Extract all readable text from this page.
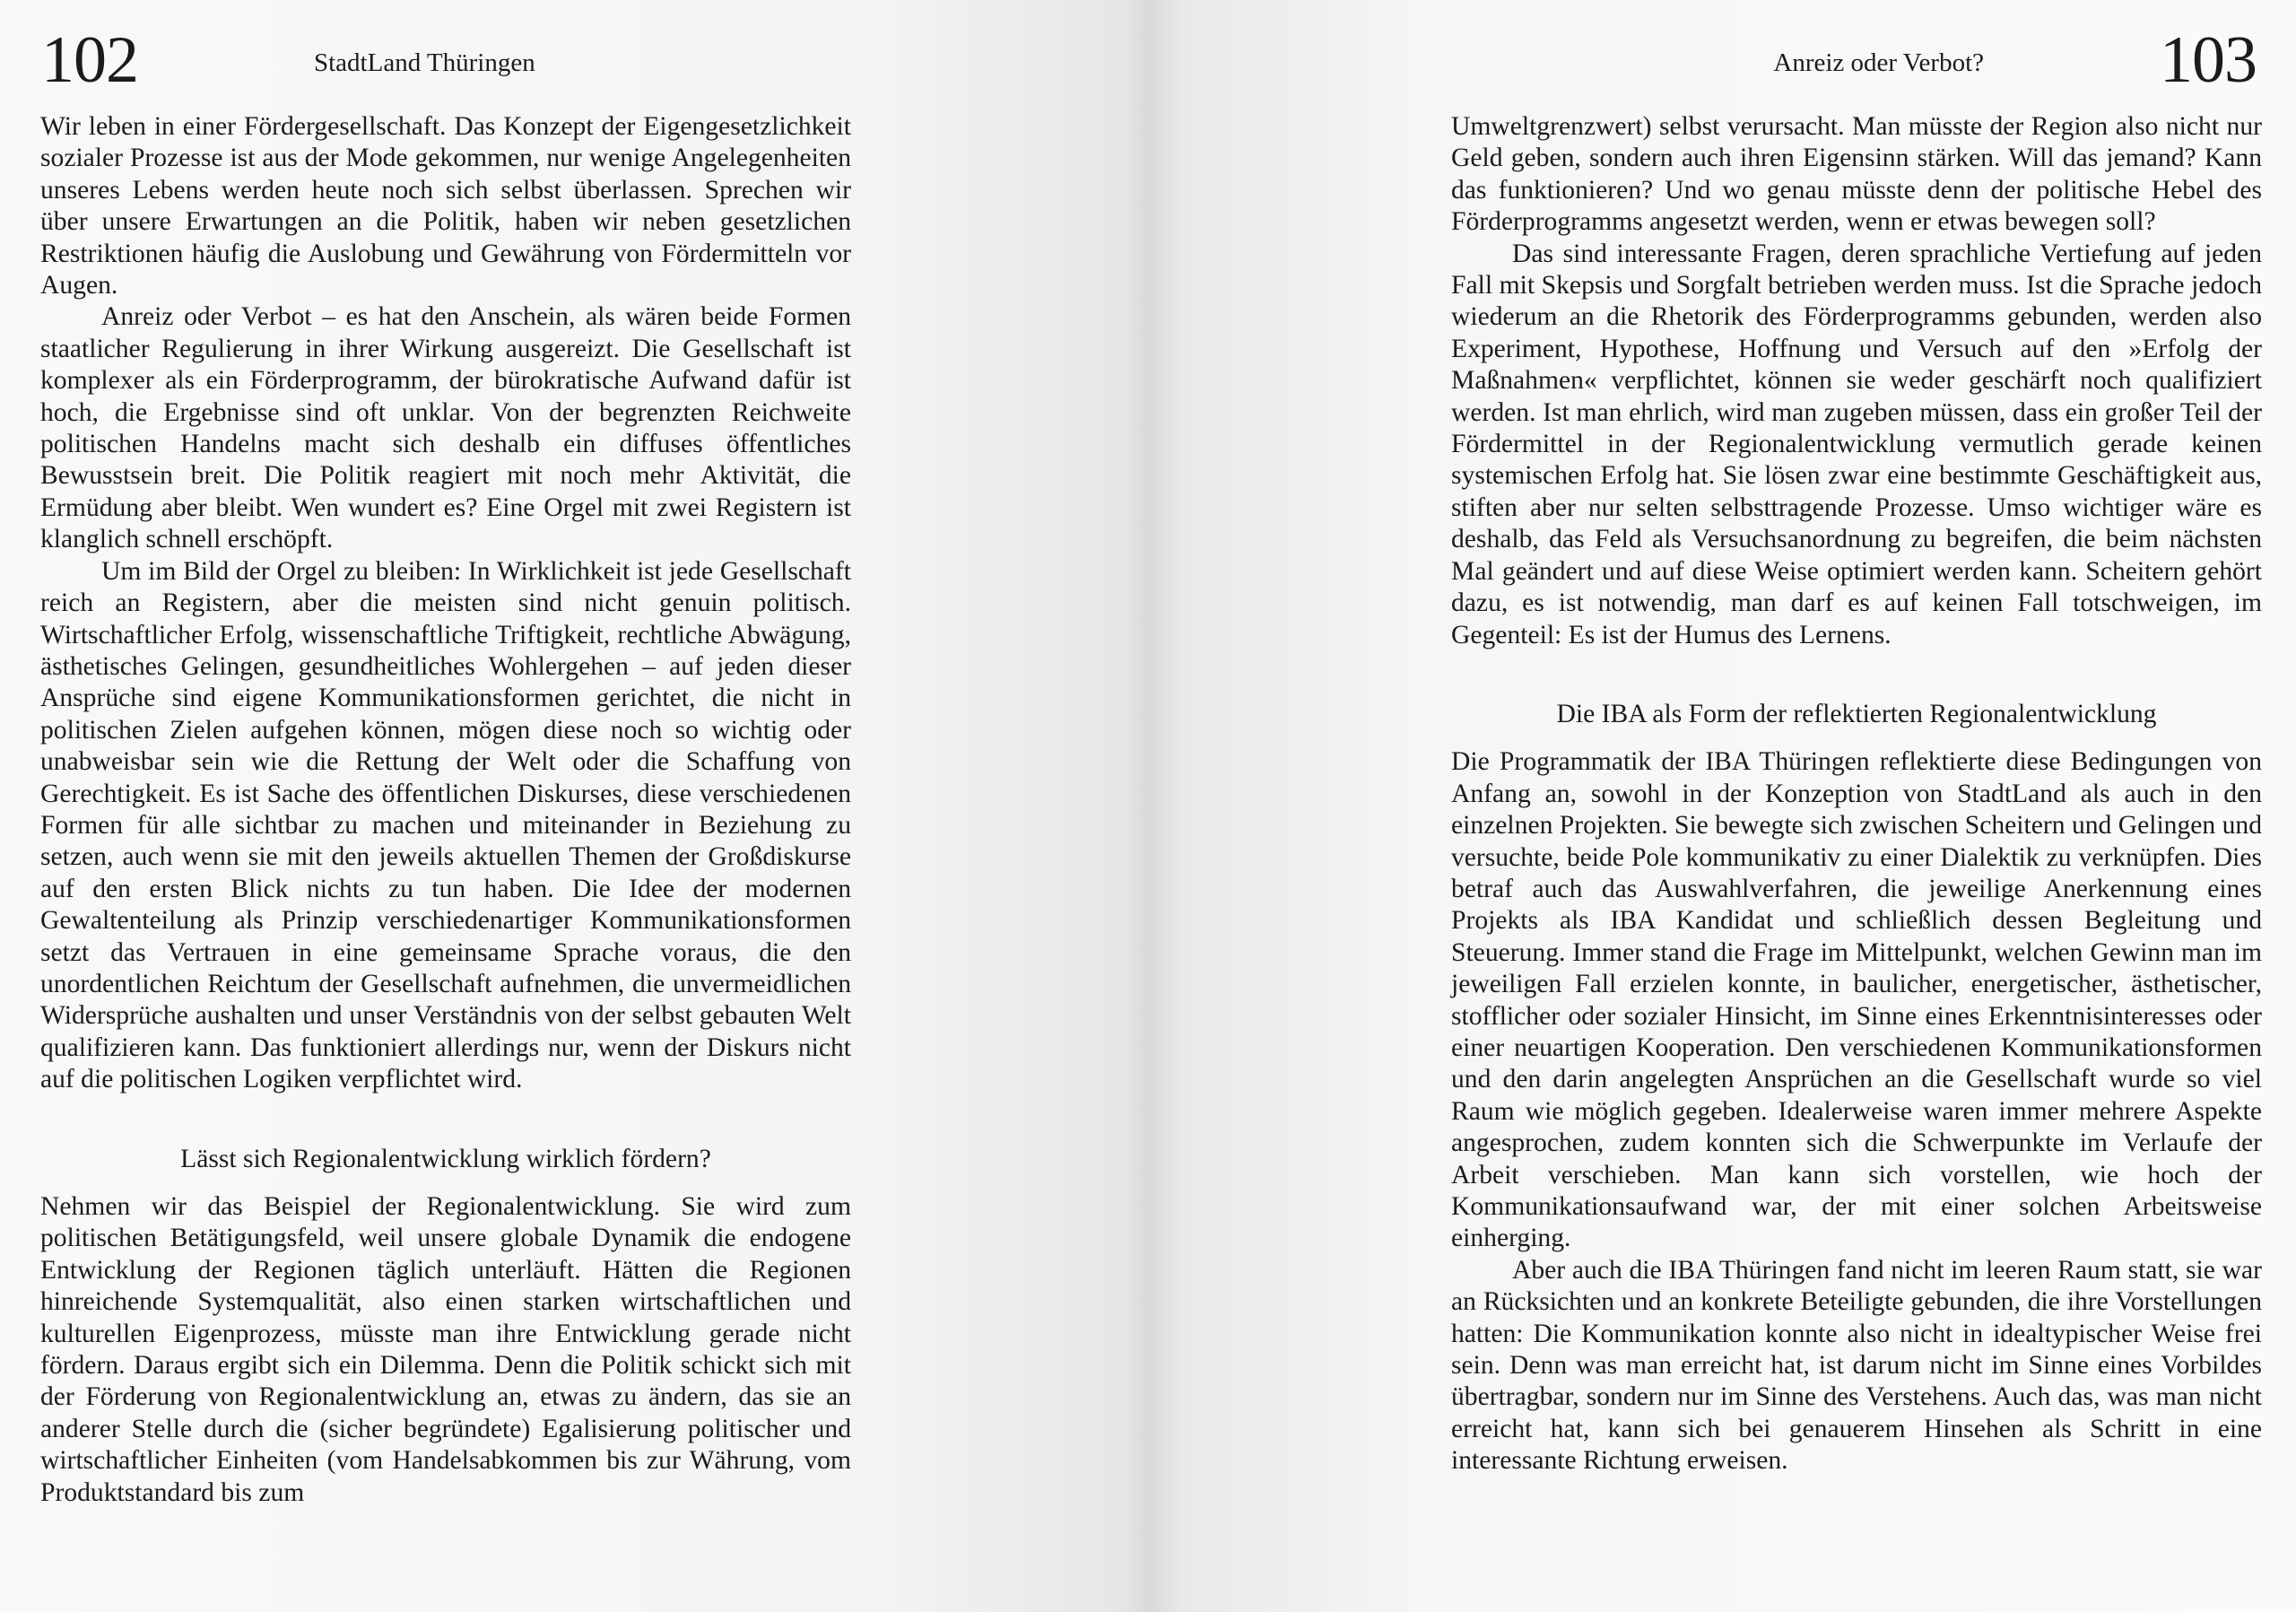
102	StadtLand Thüringen

Wir leben in einer Fördergesellschaft. Das Konzept der Eigengesetzlichkeit sozialer Prozesse ist aus der Mode gekommen, nur wenige Angelegenheiten unseres Lebens werden heute noch sich selbst überlassen. Sprechen wir über unsere Erwartungen an die Politik, haben wir neben gesetzlichen Restriktionen häufig die Auslobung und Gewährung von Fördermitteln vor Augen.

Anreiz oder Verbot – es hat den Anschein, als wären beide Formen staatlicher Regulierung in ihrer Wirkung ausgereizt. Die Gesellschaft ist komplexer als ein Förderprogramm, der bürokratische Aufwand dafür ist hoch, die Ergebnisse sind oft unklar. Von der begrenzten Reichweite politischen Handelns macht sich deshalb ein diffuses öffentliches Bewusstsein breit. Die Politik reagiert mit noch mehr Aktivität, die Ermüdung aber bleibt. Wen wundert es? Eine Orgel mit zwei Registern ist klanglich schnell erschöpft.

Um im Bild der Orgel zu bleiben: In Wirklichkeit ist jede Gesellschaft reich an Registern, aber die meisten sind nicht genuin politisch. Wirtschaftlicher Erfolg, wissenschaftliche Triftigkeit, rechtliche Abwägung, ästhetisches Gelingen, gesundheitliches Wohlergehen – auf jeden dieser Ansprüche sind eigene Kommunikationsformen gerichtet, die nicht in politischen Zielen aufgehen können, mögen diese noch so wichtig oder unabweisbar sein wie die Rettung der Welt oder die Schaffung von Gerechtigkeit. Es ist Sache des öffentlichen Diskurses, diese verschiedenen Formen für alle sichtbar zu machen und miteinander in Beziehung zu setzen, auch wenn sie mit den jeweils aktuellen Themen der Großdiskurse auf den ersten Blick nichts zu tun haben. Die Idee der modernen Gewaltenteilung als Prinzip verschiedenartiger Kommunikationsformen setzt das Vertrauen in eine gemeinsame Sprache voraus, die den unordentlichen Reichtum der Gesellschaft aufnehmen, die unvermeidlichen Widersprüche aushalten und unser Verständnis von der selbst gebauten Welt qualifizieren kann. Das funktioniert allerdings nur, wenn der Diskurs nicht auf die politischen Logiken verpflichtet wird.

Lässt sich Regionalentwicklung wirklich fördern?

Nehmen wir das Beispiel der Regionalentwicklung. Sie wird zum politischen Betätigungsfeld, weil unsere globale Dynamik die endogene Entwicklung der Regionen täglich unterläuft. Hätten die Regionen hinreichende Systemqualität, also einen starken wirtschaftlichen und kulturellen Eigenprozess, müsste man ihre Entwicklung gerade nicht fördern. Daraus ergibt sich ein Dilemma. Denn die Politik schickt sich mit der Förderung von Regionalentwicklung an, etwas zu ändern, das sie an anderer Stelle durch die (sicher begründete) Egalisierung politischer und wirtschaftlicher Einheiten (vom Handelsabkommen bis zur Währung, vom Produktstandard bis zum

Anreiz oder Verbot?	103

Umweltgrenzwert) selbst verursacht. Man müsste der Region also nicht nur Geld geben, sondern auch ihren Eigensinn stärken. Will das jemand? Kann das funktionieren? Und wo genau müsste denn der politische Hebel des Förderprogramms angesetzt werden, wenn er etwas bewegen soll?

Das sind interessante Fragen, deren sprachliche Vertiefung auf jeden Fall mit Skepsis und Sorgfalt betrieben werden muss. Ist die Sprache jedoch wiederum an die Rhetorik des Förderprogramms gebunden, werden also Experiment, Hypothese, Hoffnung und Versuch auf den »Erfolg der Maßnahmen« verpflichtet, können sie weder geschärft noch qualifiziert werden. Ist man ehrlich, wird man zugeben müssen, dass ein großer Teil der Fördermittel in der Regionalentwicklung vermutlich gerade keinen systemischen Erfolg hat. Sie lösen zwar eine bestimmte Geschäftigkeit aus, stiften aber nur selten selbsttragende Prozesse. Umso wichtiger wäre es deshalb, das Feld als Versuchsanordnung zu begreifen, die beim nächsten Mal geändert und auf diese Weise optimiert werden kann. Scheitern gehört dazu, es ist notwendig, man darf es auf keinen Fall totschweigen, im Gegenteil: Es ist der Humus des Lernens.

Die IBA als Form der reflektierten Regionalentwicklung

Die Programmatik der IBA Thüringen reflektierte diese Bedingungen von Anfang an, sowohl in der Konzeption von StadtLand als auch in den einzelnen Projekten. Sie bewegte sich zwischen Scheitern und Gelingen und versuchte, beide Pole kommunikativ zu einer Dialektik zu verknüpfen. Dies betraf auch das Auswahlverfahren, die jeweilige Anerkennung eines Projekts als IBA Kandidat und schließlich dessen Begleitung und Steuerung. Immer stand die Frage im Mittelpunkt, welchen Gewinn man im jeweiligen Fall erzielen konnte, in baulicher, energetischer, ästhetischer, stofflicher oder sozialer Hinsicht, im Sinne eines Erkenntnisinteresses oder einer neuartigen Kooperation. Den verschiedenen Kommunikationsformen und den darin angelegten Ansprüchen an die Gesellschaft wurde so viel Raum wie möglich gegeben. Idealerweise waren immer mehrere Aspekte angesprochen, zudem konnten sich die Schwerpunkte im Verlaufe der Arbeit verschieben. Man kann sich vorstellen, wie hoch der Kommunikationsaufwand war, der mit einer solchen Arbeitsweise einherging.

Aber auch die IBA Thüringen fand nicht im leeren Raum statt, sie war an Rücksichten und an konkrete Beteiligte gebunden, die ihre Vorstellungen hatten: Die Kommunikation konnte also nicht in idealtypischer Weise frei sein. Denn was man erreicht hat, ist darum nicht im Sinne eines Vorbildes übertragbar, sondern nur im Sinne des Verstehens. Auch das, was man nicht erreicht hat, kann sich bei genauerem Hinsehen als Schritt in eine interessante Richtung erweisen.
